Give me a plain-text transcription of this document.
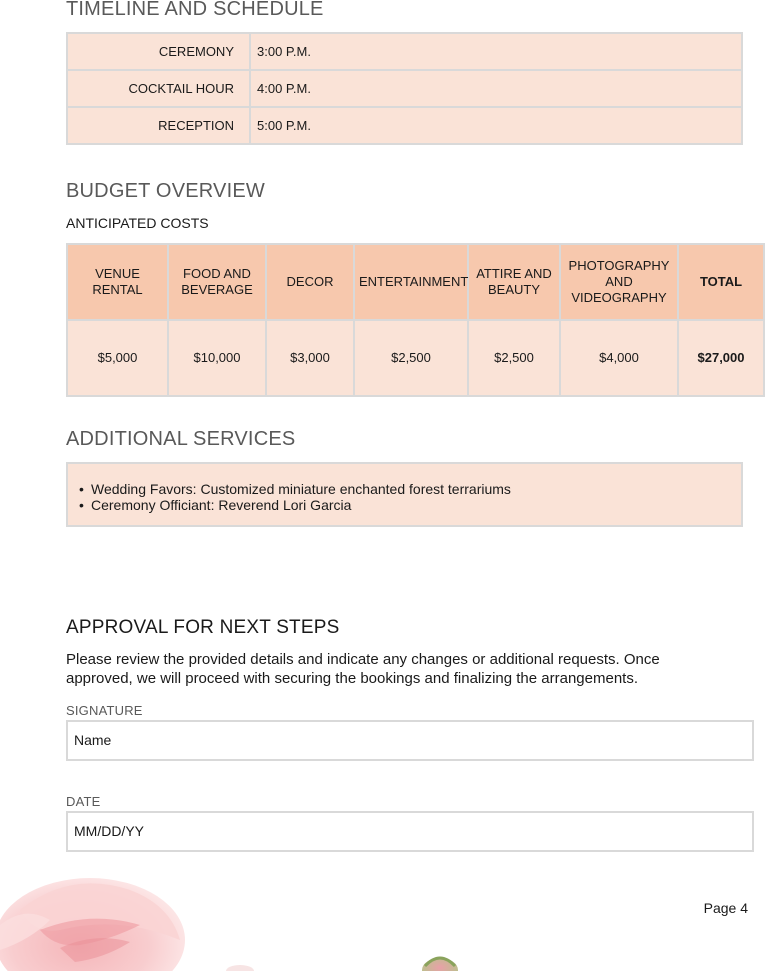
TIMELINE AND SCHEDULE
CEREMONY	3:00 P.M.
COCKTAIL HOUR	4:00 P.M.
RECEPTION	5:00 P.M.
BUDGET OVERVIEW
ANTICIPATED COSTS
VENUE RENTAL	FOOD AND BEVERAGE	DECOR	ENTERTAINMENT	ATTIRE AND BEAUTY	PHOTOGRAPHY AND VIDEOGRAPHY	TOTAL
$5,000	$10,000	$3,000	$2,500	$2,500	$4,000	$27,000
ADDITIONAL SERVICES
• Wedding Favors: Customized miniature enchanted forest terrariums
• Ceremony Officiant: Reverend Lori Garcia
APPROVAL FOR NEXT STEPS

Please review the provided details and indicate any changes or additional requests. Once approved, we will proceed with securing the bookings and finalizing the arrangements.

SIGNATURE
Name
DATE
MM/DD/YY
Page 4
